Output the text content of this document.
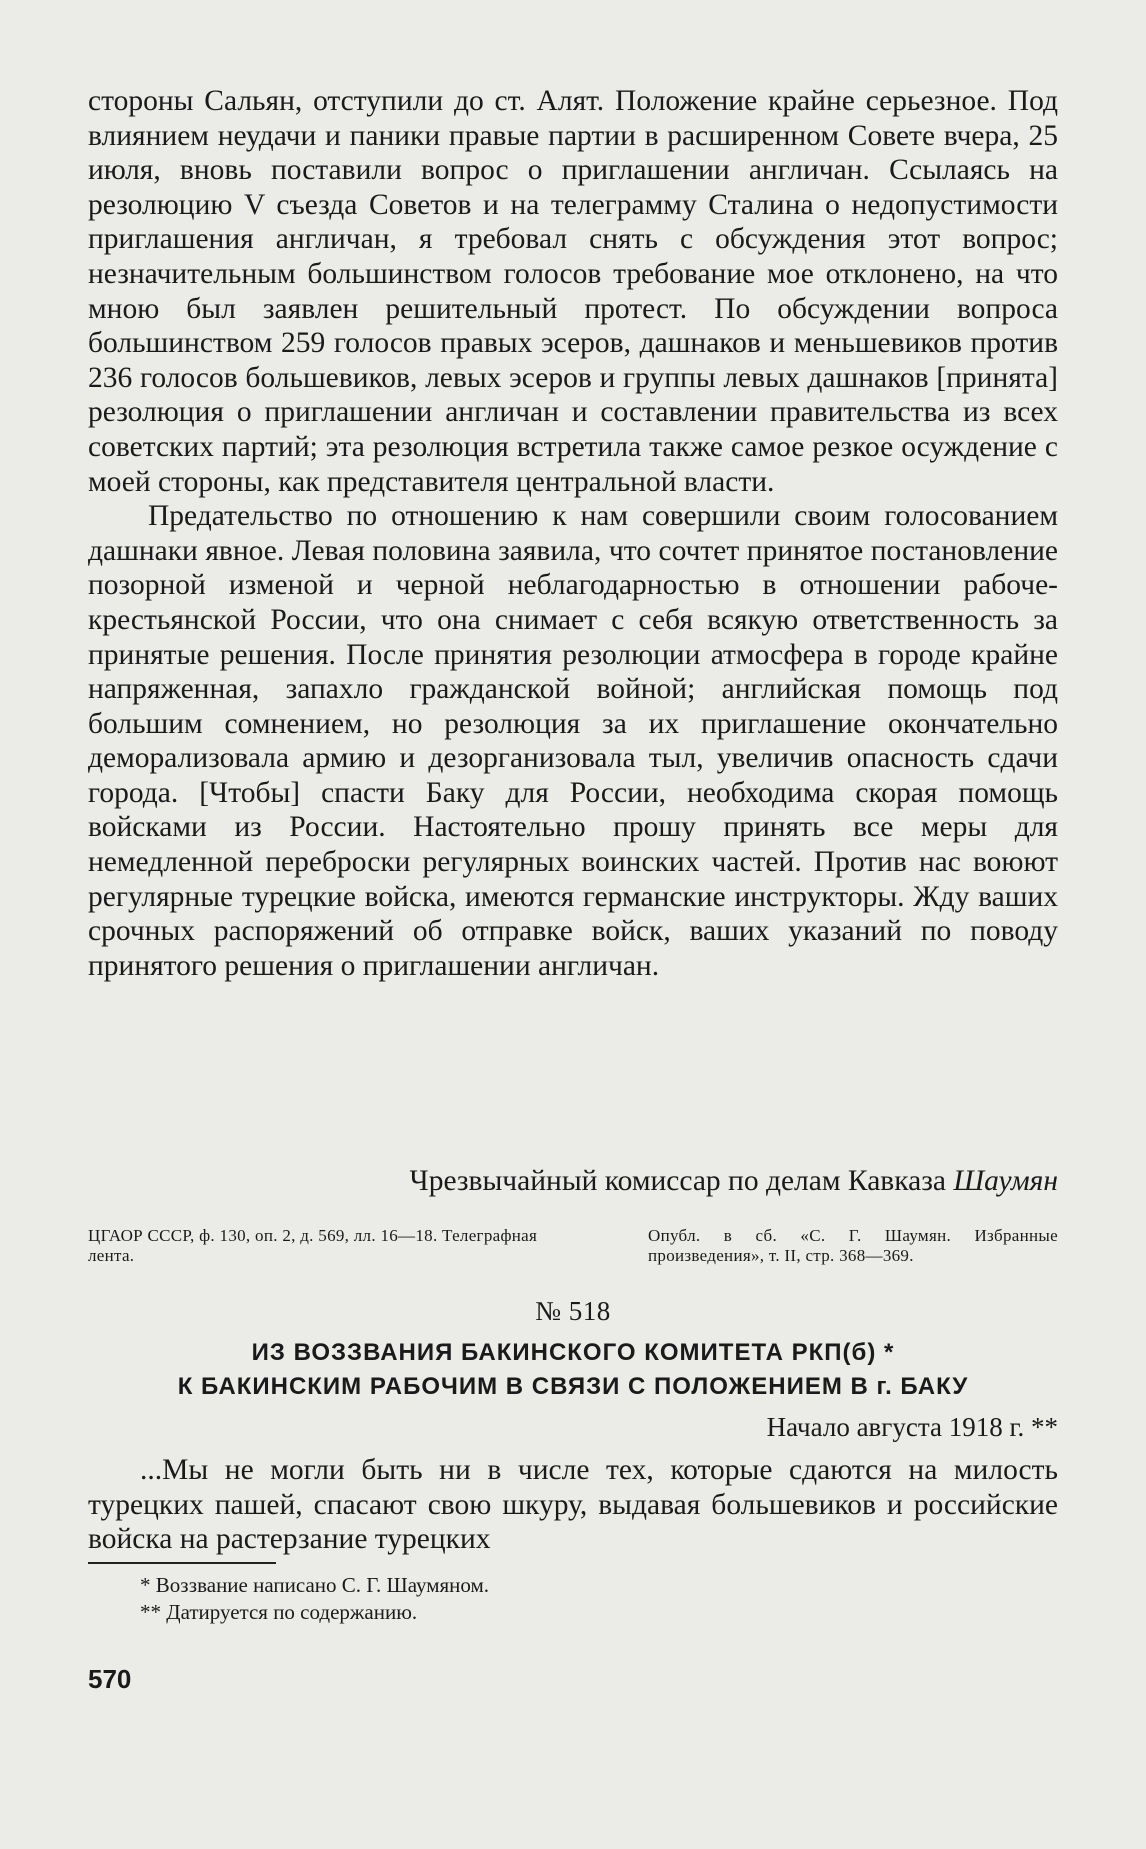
стороны Сальян, отступили до ст. Алят. Положение крайне серьезное. Под влиянием неудачи и паники правые партии в расширенном Совете вчера, 25 июля, вновь поставили вопрос о приглашении англичан. Ссылаясь на резолюцию V съезда Советов и на телеграмму Сталина о недопустимости приглашения англичан, я требовал снять с обсуждения этот вопрос; незначительным большинством голосов требование мое отклонено, на что мною был заявлен решительный протест. По обсуждении вопроса большинством 259 голосов правых эсеров, дашнаков и меньшевиков против 236 голосов большевиков, левых эсеров и группы левых дашнаков [принята] резолюция о приглашении англичан и составлении правительства из всех советских партий; эта резолюция встретила также самое резкое осуждение с моей стороны, как представителя центральной власти.

Предательство по отношению к нам совершили своим голосованием дашнаки явное. Левая половина заявила, что сочтет принятое постановление позорной изменой и черной неблагодарностью в отношении рабоче-крестьянской России, что она снимает с себя всякую ответственность за принятые решения. После принятия резолюции атмосфера в городе крайне напряженная, запахло гражданской войной; английская помощь под большим сомнением, но резолюция за их приглашение окончательно деморализовала армию и дезорганизовала тыл, увеличив опасность сдачи города. [Чтобы] спасти Баку для России, необходима скорая помощь войсками из России. Настоятельно прошу принять все меры для немедленной переброски регулярных воинских частей. Против нас воюют регулярные турецкие войска, имеются германские инструкторы. Жду ваших срочных распоряжений об отправке войск, ваших указаний по поводу принятого решения о приглашении англичан.

Чрезвычайный комиссар по делам Кавказа Шаумян
ЦГАОР СССР, ф. 130, оп. 2, д. 569, лл. 16—18. Телеграфная лента.
Опубл. в сб. «С. Г. Шаумян. Избранные произведения», т. II, стр. 368—369.
№ 518
ИЗ ВОЗЗВАНИЯ БАКИНСКОГО КОМИТЕТА РКП(б) *
К БАКИНСКИМ РАБОЧИМ В СВЯЗИ С ПОЛОЖЕНИЕМ В г. БАКУ
Начало августа 1918 г. **

...Мы не могли быть ни в числе тех, которые сдаются на милость турецких пашей, спасают свою шкуру, выдавая большевиков и российские войска на растерзание турецких

* Воззвание написано С. Г. Шаумяном.
** Датируется по содержанию.
570
